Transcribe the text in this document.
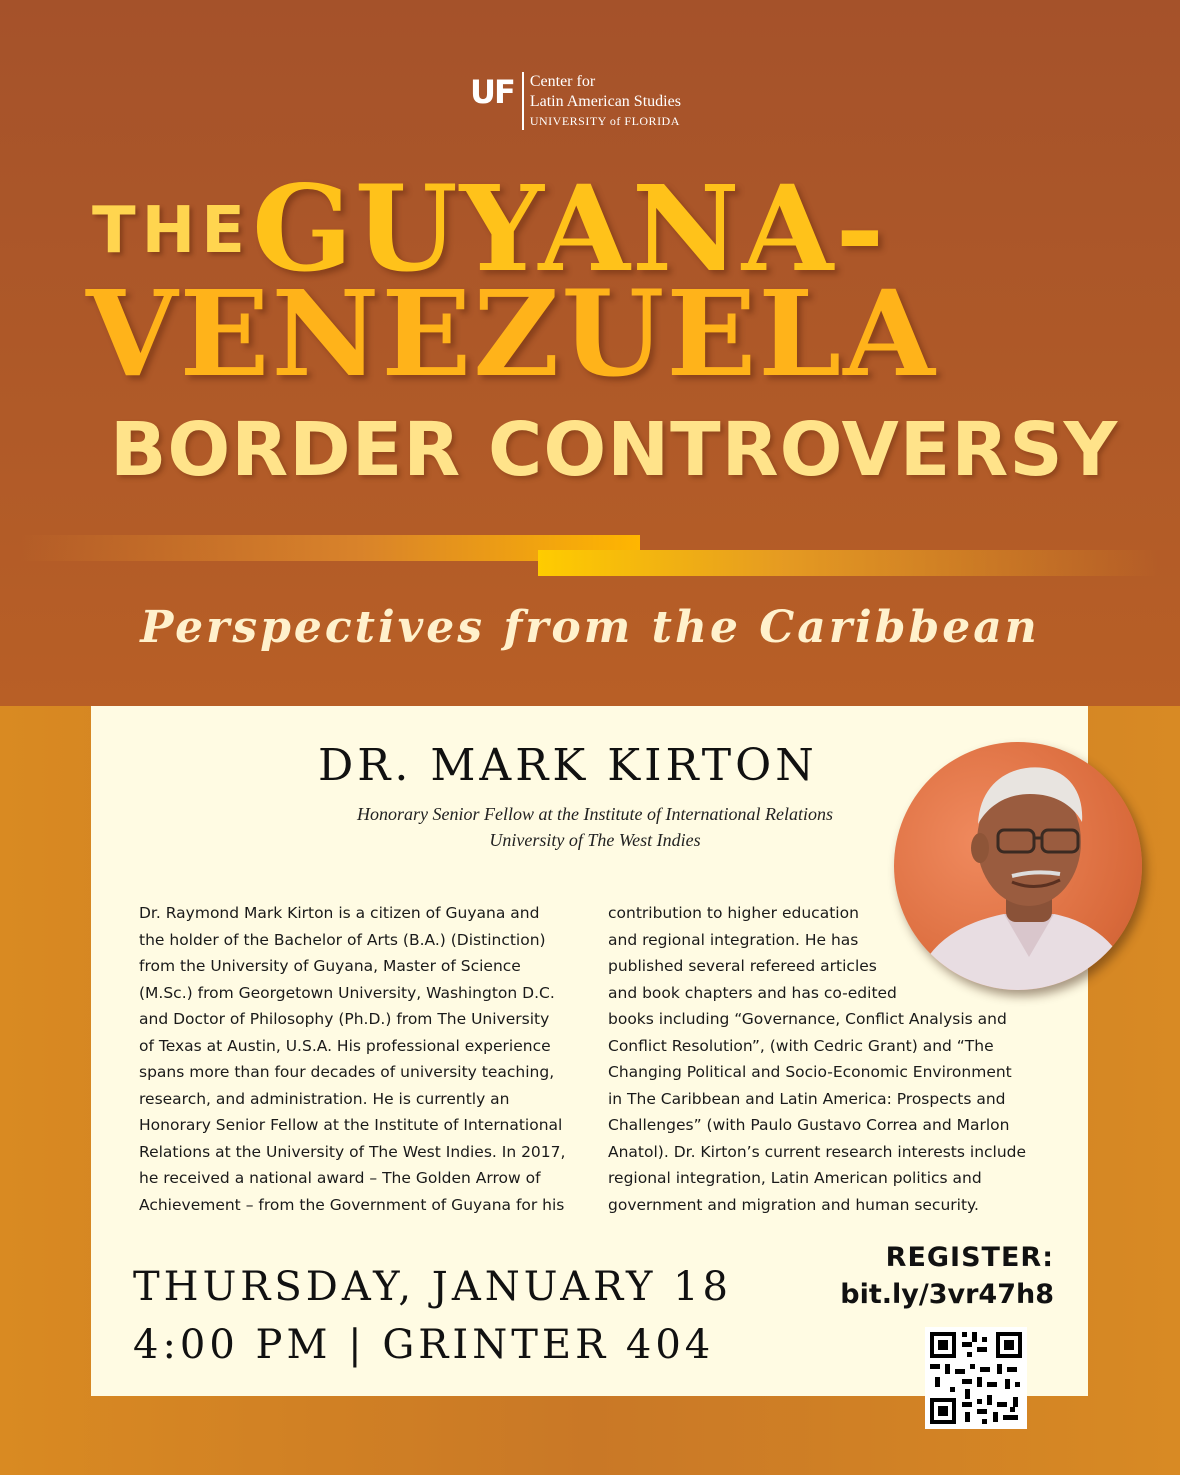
UF	Center for
Latin American Studies
UNIVERSITY of FLORIDA
THE GUYANA-
VENEZUELA
BORDER CONTROVERSY
Perspectives from the Caribbean
DR. MARK KIRTON
Honorary Senior Fellow at the Institute of International Relations
University of The West Indies
Dr. Raymond Mark Kirton is a citizen of Guyana and
the holder of the Bachelor of Arts (B.A.) (Distinction)
from the University of Guyana, Master of Science
(M.Sc.) from Georgetown University, Washington D.C.
and Doctor of Philosophy (Ph.D.) from The University
of Texas at Austin, U.S.A. His professional experience
spans more than four decades of university teaching,
research, and administration. He is currently an
Honorary Senior Fellow at the Institute of International
Relations at the University of The West Indies. In 2017,
he received a national award – The Golden Arrow of
Achievement – from the Government of Guyana for his
contribution to higher education
and regional integration. He has
published several refereed articles
and book chapters and has co-edited
books including “Governance, Conflict Analysis and
Conflict Resolution”, (with Cedric Grant) and “The
Changing Political and Socio-Economic Environment
in The Caribbean and Latin America: Prospects and
Challenges” (with Paulo Gustavo Correa and Marlon
Anatol). Dr. Kirton’s current research interests include
regional integration, Latin American politics and
government and migration and human security.
THURSDAY, JANUARY 18
4:00 PM | GRINTER 404
REGISTER:
bit.ly/3vr47h8
